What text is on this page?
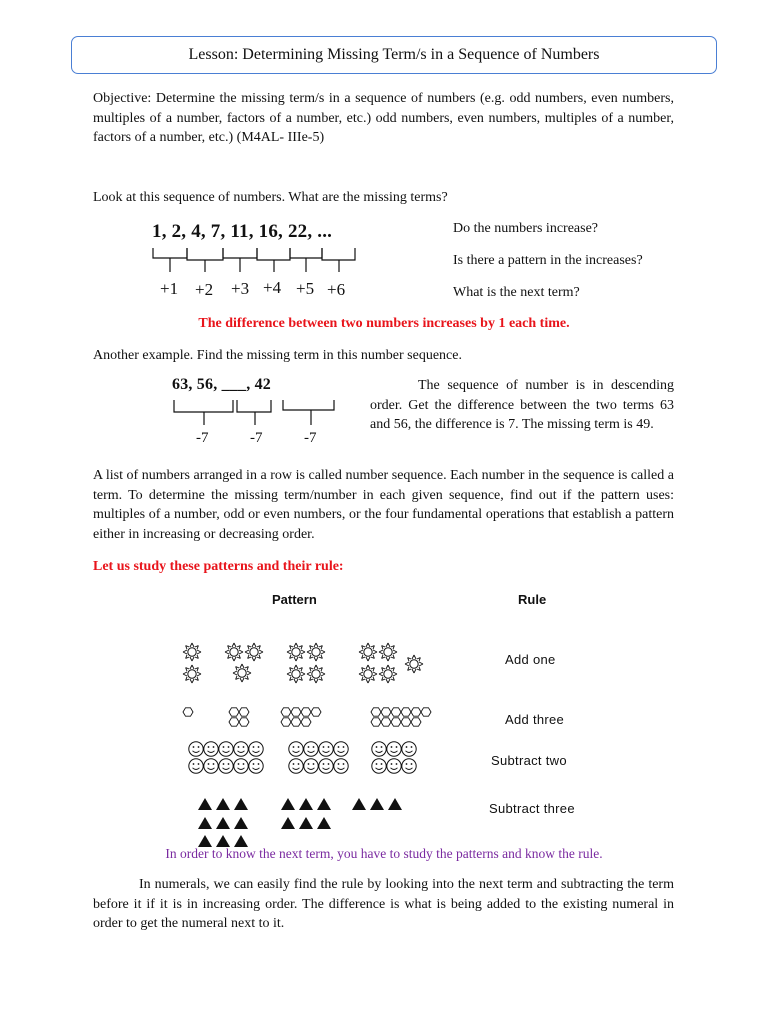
Lesson: Determining Missing Term/s in a Sequence of Numbers

Objective: Determine the missing term/s in a sequence of numbers (e.g. odd numbers, even numbers, multiples of a number, factors of a number, etc.) odd numbers, even numbers, multiples of a number, factors of a number, etc.) (M4AL- IIIe-5)

Look at this sequence of numbers. What are the missing terms?
1, 2, 4, 7, 11, 16, 22, ...
+1 +2 +3 +4 +5 +6
Do the numbers increase?
Is there a pattern in the increases?
What is the next term?
The difference between two numbers increases by 1 each time.
Another example. Find the missing term in this number sequence.
63, 56, ___, 42
-7	-7	-7

The sequence of number is in descending order. Get the difference between the two terms 63 and 56, the difference is 7. The missing term is 49.

A list of numbers arranged in a row is called number sequence. Each number in the sequence is called a term. To determine the missing term/number in each given sequence, find out if the pattern uses: multiples of a number, odd or even numbers, or the four fundamental operations that establish a pattern either in increasing or decreasing order.

Let us study these patterns and their rule:
Pattern	Rule
Add one
Add three
Subtract two
Subtract three
In order to know the next term, you have to study the patterns and know the rule.

In numerals, we can easily find the rule by looking into the next term and subtracting the term before it if it is in increasing order. The difference is what is being added to the existing numeral in order to get the numeral next to it.
